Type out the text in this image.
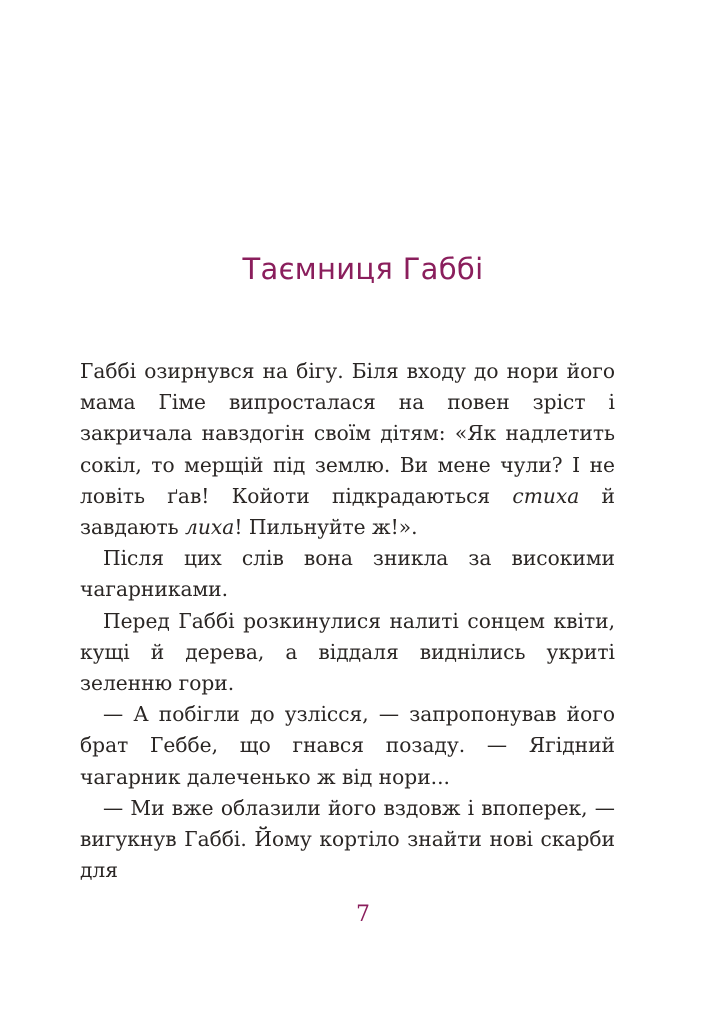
Таємниця Габбі

Габбі озирнувся на бігу. Біля входу до нори його мама Гіме випросталася на повен зріст і закричала навздогін своїм дітям: «Як надлетить сокіл, то мерщій під землю. Ви мене чули? І не ловіть ґав! Койоти підкрадаються стиха й завдають лиха! Пильнуйте ж!».

Після цих слів вона зникла за високими чагарниками.

Перед Габбі розкинулися налиті сонцем квіти, кущі й дерева, а віддаля виднілись укриті зеленню гори.

— А побігли до узлісся, — запропонував його брат Геббе, що гнався позаду. — Ягідний чагарник далеченько ж від нори...

— Ми вже облазили його вздовж і впоперек, — вигукнув Габбі. Йому кортіло знайти нові скарби для

7
